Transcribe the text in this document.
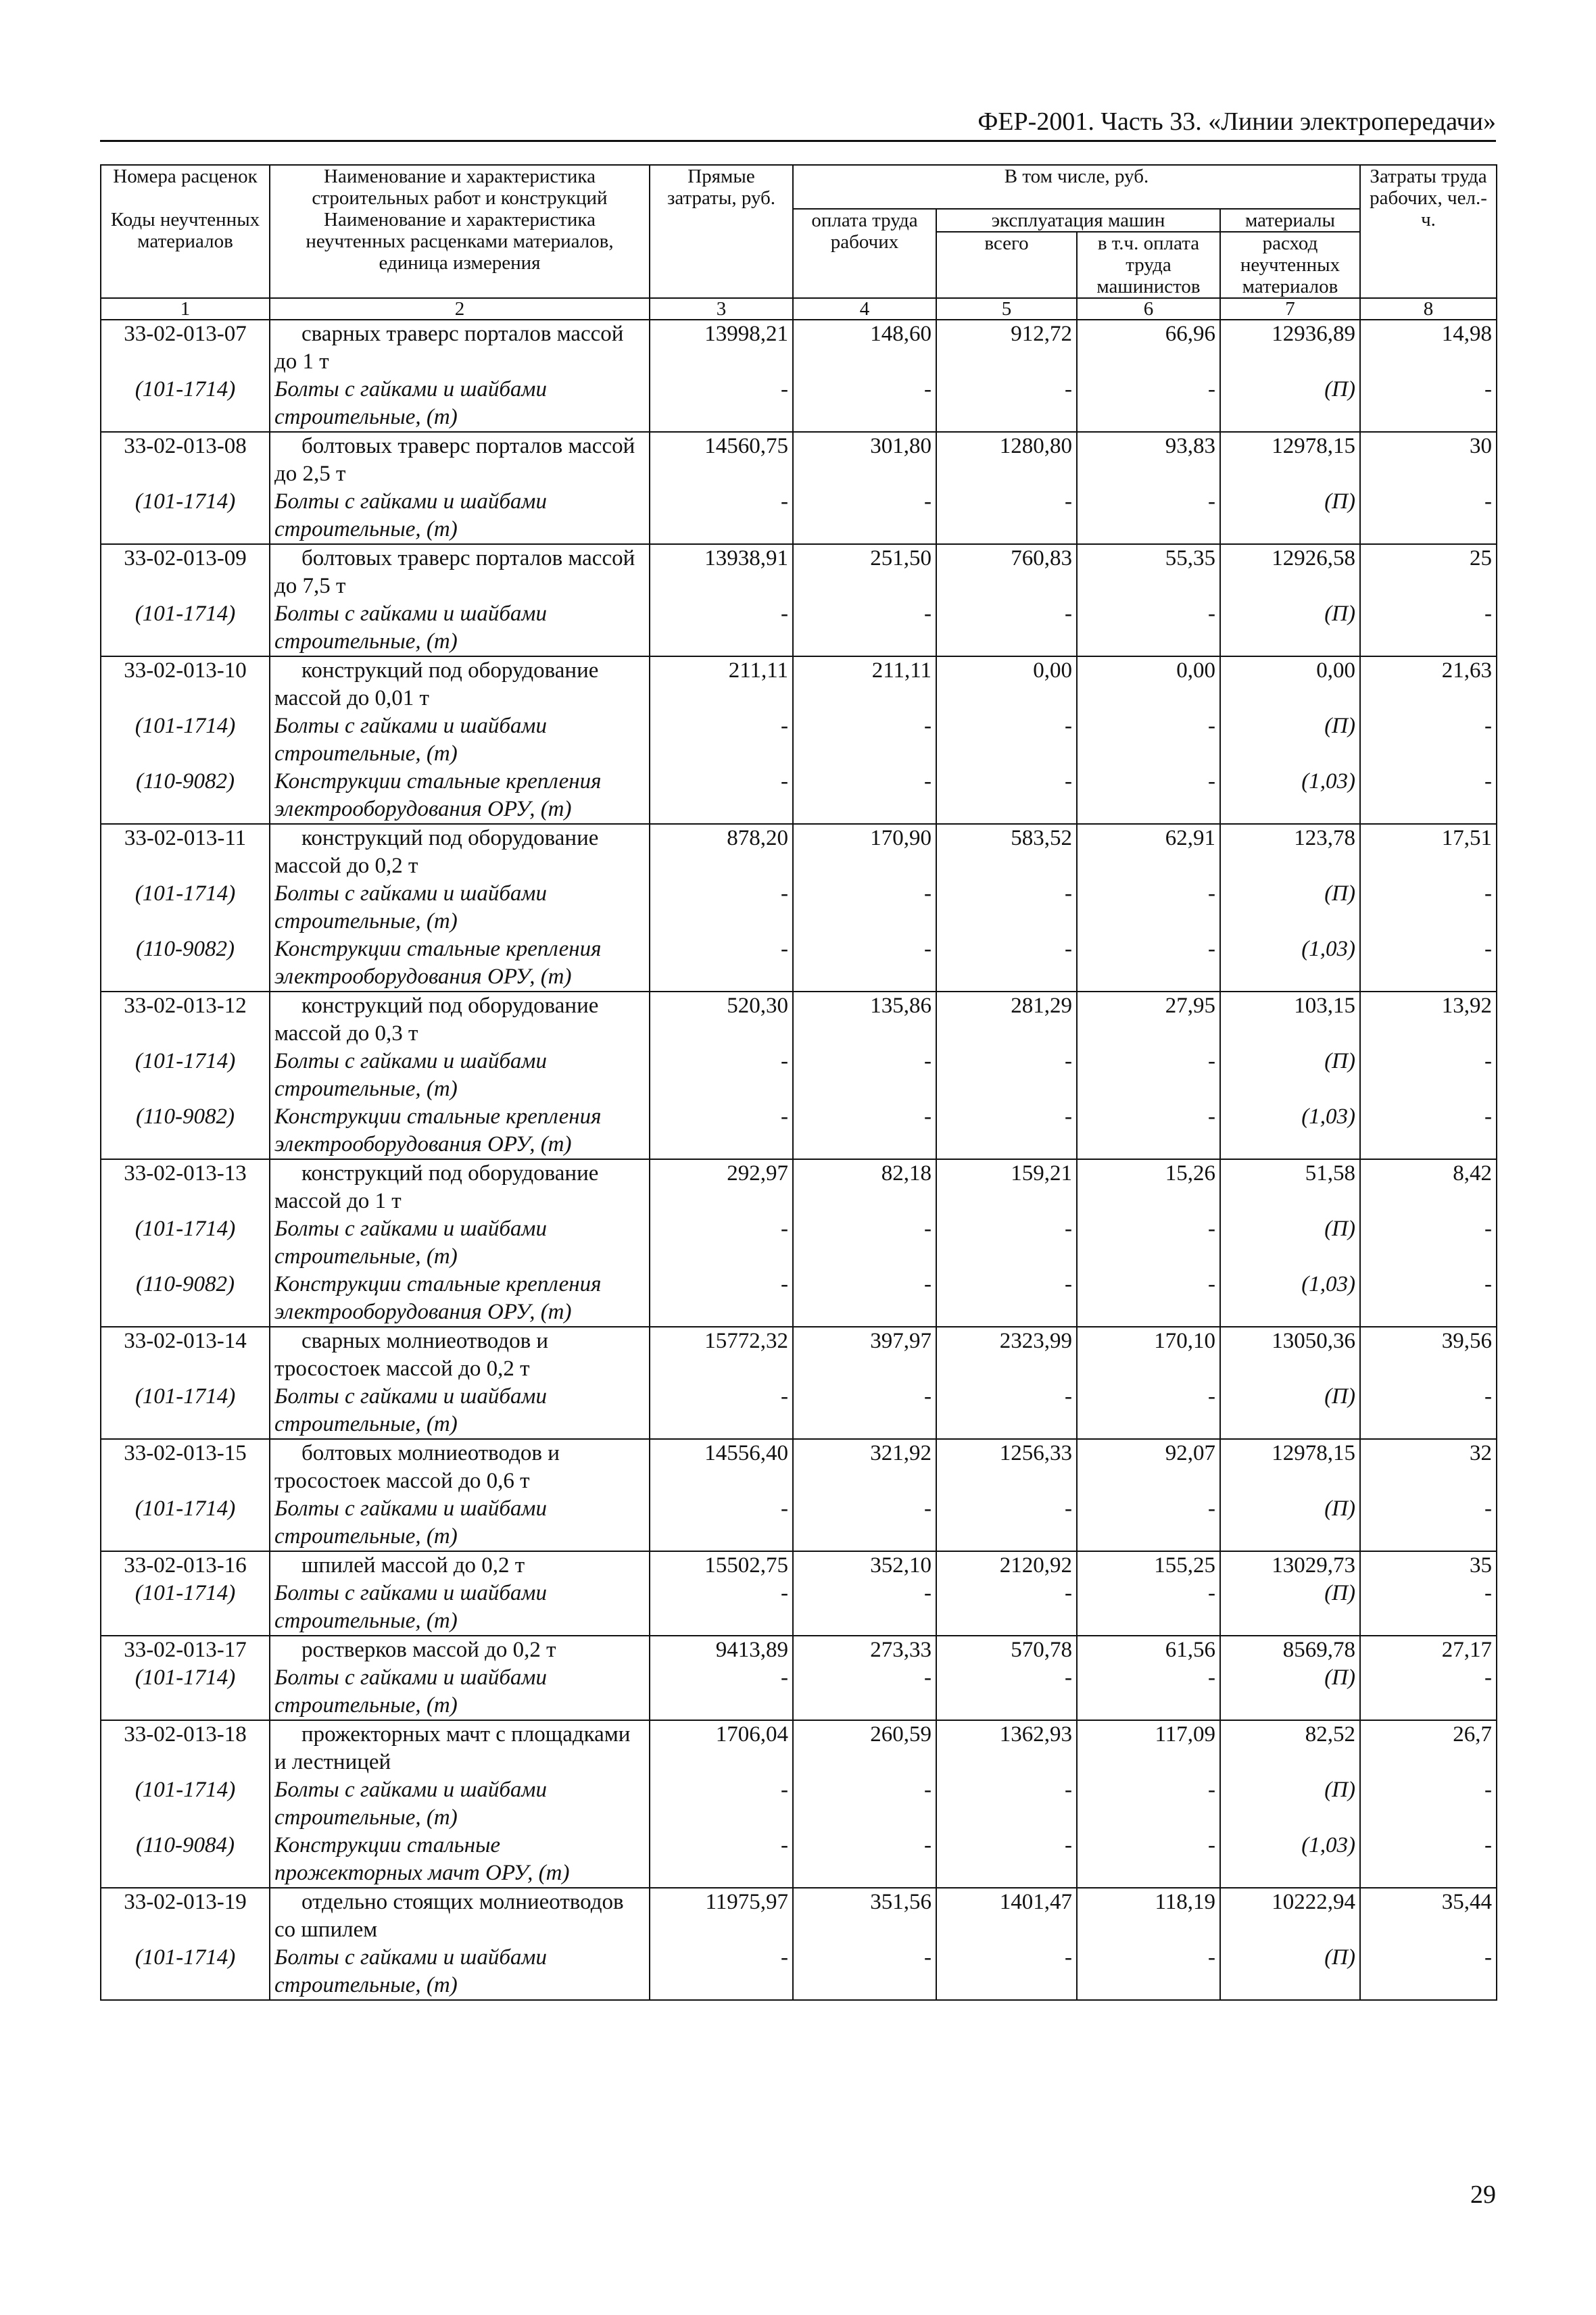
ФЕР-2001. Часть 33. «Линии электропередачи»
Номера расценок	Наименование и характеристика строительных работ и конструкций	Прямые затраты, руб.	В том числе, руб.				Затраты труда рабочих, чел.-ч.
Коды неучтенных материалов	Наименование и характеристика неучтенных расценками материалов, единица измерения		оплата труда рабочих	эксплуатация машин		материалы	
				всего	в т.ч. оплата труда машинистов	расход неучтенных материалов	

1	2	3	4	5	6	7	8
33-02-013-07	сварных траверс порталов массой до 1 т	13998,21	148,60	912,72	66,96	12936,89	14,98
(101-1714)	Болты с гайками и шайбами строительные, (т)	-	-	-	-	(П)	-
33-02-013-08	болтовых траверс порталов массой до 2,5 т	14560,75	301,80	1280,80	93,83	12978,15	30
(101-1714)	Болты с гайками и шайбами строительные, (т)	-	-	-	-	(П)	-
33-02-013-09	болтовых траверс порталов массой до 7,5 т	13938,91	251,50	760,83	55,35	12926,58	25
(101-1714)	Болты с гайками и шайбами строительные, (т)	-	-	-	-	(П)	-
33-02-013-10	конструкций под оборудование массой до 0,01 т	211,11	211,11	0,00	0,00	0,00	21,63
(101-1714)	Болты с гайками и шайбами строительные, (т)	-	-	-	-	(П)	-
(110-9082)	Конструкции стальные крепления электрооборудования ОРУ, (т)	-	-	-	-	(1,03)	-
33-02-013-11	конструкций под оборудование массой до 0,2 т	878,20	170,90	583,52	62,91	123,78	17,51
(101-1714)	Болты с гайками и шайбами строительные, (т)	-	-	-	-	(П)	-
(110-9082)	Конструкции стальные крепления электрооборудования ОРУ, (т)	-	-	-	-	(1,03)	-
33-02-013-12	конструкций под оборудование массой до 0,3 т	520,30	135,86	281,29	27,95	103,15	13,92
(101-1714)	Болты с гайками и шайбами строительные, (т)	-	-	-	-	(П)	-
(110-9082)	Конструкции стальные крепления электрооборудования ОРУ, (т)	-	-	-	-	(1,03)	-
33-02-013-13	конструкций под оборудование массой до 1 т	292,97	82,18	159,21	15,26	51,58	8,42
(101-1714)	Болты с гайками и шайбами строительные, (т)	-	-	-	-	(П)	-
(110-9082)	Конструкции стальные крепления электрооборудования ОРУ, (т)	-	-	-	-	(1,03)	-
33-02-013-14	сварных молниеотводов и тросостоек массой до 0,2 т	15772,32	397,97	2323,99	170,10	13050,36	39,56
(101-1714)	Болты с гайками и шайбами строительные, (т)	-	-	-	-	(П)	-
33-02-013-15	болтовых молниеотводов и тросостоек массой до 0,6 т	14556,40	321,92	1256,33	92,07	12978,15	32
(101-1714)	Болты с гайками и шайбами строительные, (т)	-	-	-	-	(П)	-
33-02-013-16	шпилей массой до 0,2 т	15502,75	352,10	2120,92	155,25	13029,73	35
(101-1714)	Болты с гайками и шайбами строительные, (т)	-	-	-	-	(П)	-
33-02-013-17	ростверков массой до 0,2 т	9413,89	273,33	570,78	61,56	8569,78	27,17
(101-1714)	Болты с гайками и шайбами строительные, (т)	-	-	-	-	(П)	-
33-02-013-18	прожекторных мачт с площадками и лестницей	1706,04	260,59	1362,93	117,09	82,52	26,7
(101-1714)	Болты с гайками и шайбами строительные, (т)	-	-	-	-	(П)	-
(110-9084)	Конструкции стальные прожекторных мачт ОРУ, (т)	-	-	-	-	(1,03)	-
33-02-013-19	отдельно стоящих молниеотводов со шпилем	11975,97	351,56	1401,47	118,19	10222,94	35,44
(101-1714)	Болты с гайками и шайбами строительные, (т)	-	-	-	-	(П)	-
29
